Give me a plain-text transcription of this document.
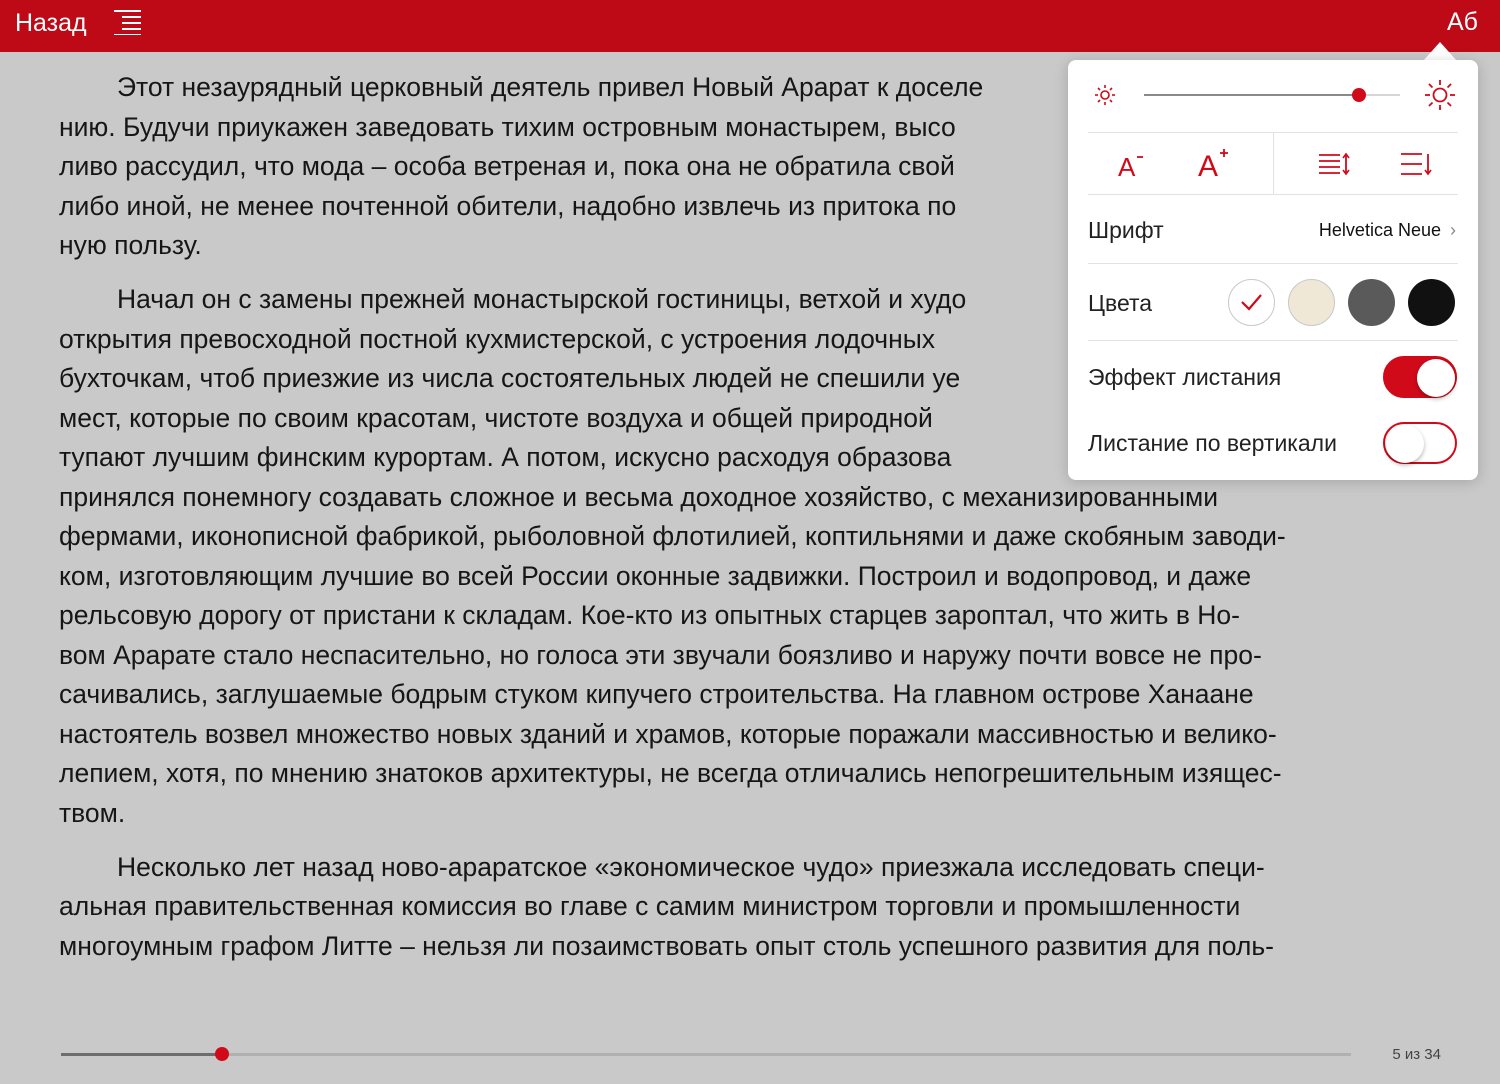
Назад	Аб

Этот незаурядный церковный деятель привел Новый Арарат к доселе
нию. Будучи приукажен заведовать тихим островным монастырем, высо
ливо рассудил, что мода – особа ветреная и, пока она не обратила свой
либо иной, не менее почтенной обители, надобно извлечь из притока по
ную пользу.

Начал он с замены прежней монастырской гостиницы, ветхой и худо
открытия превосходной постной кухмистерской, с устроения лодочных
бухточкам, чтоб приезжие из числа состоятельных людей не спешили уе
мест, которые по своим красотам, чистоте воздуха и общей природной
тупают лучшим финским курортам. А потом, искусно расходуя образова
принялся понемногу создавать сложное и весьма доходное хозяйство, с механизированными
фермами, иконописной фабрикой, рыболовной флотилией, коптильнями и даже скобяным заводи-
ком, изготовляющим лучшие во всей России оконные задвижки. Построил и водопровод, и даже
рельсовую дорогу от пристани к складам. Кое-кто из опытных старцев зароптал, что жить в Но-
вом Арарате стало неспасительно, но голоса эти звучали боязливо и наружу почти вовсе не про-
сачивались, заглушаемые бодрым стуком кипучего строительства. На главном острове Ханаане
настоятель возвел множество новых зданий и храмов, которые поражали массивностью и велико-
лепием, хотя, по мнению знатоков архитектуры, не всегда отличались непогрешительным изящес-
твом.

Несколько лет назад ново-араратское «экономическое чудо» приезжала исследовать специ-
альная правительственная комиссия во главе с самим министром торговли и промышленности
многоумным графом Литте – нельзя ли позаимствовать опыт столь успешного развития для поль-

5 из 34
A A
Шрифт	Helvetica Neue ›
Цвета
Эффект листания
Листание по вертикали
